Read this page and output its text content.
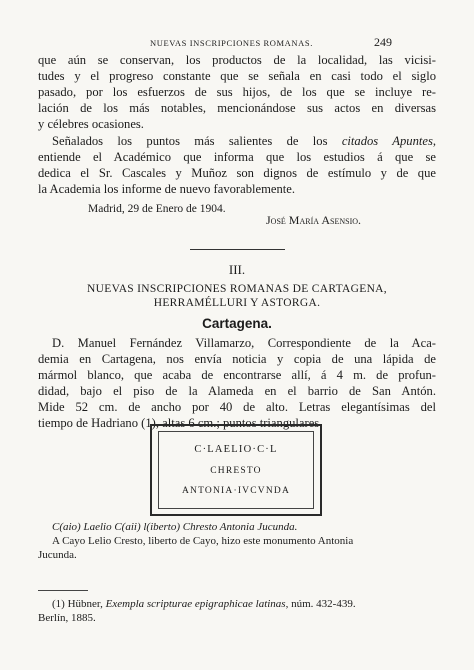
NUEVAS INSCRIPCIONES ROMANAS.	249
que aún se conservan, los productos de la localidad, las vicisi-
tudes y el progreso constante que se señala en casi todo el siglo
pasado, por los esfuerzos de sus hijos, de los que se incluye re-
lación de los más notables, mencionándose sus actos en diversas
y célebres ocasiones.
Señalados los puntos más salientes de los citados Apuntes,
entiende el Académico que informa que los estudios á que se
dedica el Sr. Cascales y Muñoz son dignos de estímulo y de que
la Academia los informe de nuevo favorablemente.
Madrid, 29 de Enero de 1904.
José María Asensio.
III.
NUEVAS INSCRIPCIONES ROMANAS DE CARTAGENA,
HERRAMÉLLURI Y ASTORGA.
Cartagena.
D. Manuel Fernández Villamarzo, Correspondiente de la Aca-
demia en Cartagena, nos envía noticia y copia de una lápida de
mármol blanco, que acaba de encontrarse allí, á 4 m. de profun-
didad, bajo el piso de la Alameda en el barrio de San Antón.
Mide 52 cm. de ancho por 40 de alto. Letras elegantísimas del
tiempo de Hadriano (1), altas 6 cm.; puntos triangulares.
C·LAELIO·C·L
CHRESTO
ANTONIA·IVCVNDA
C(aio) Laelio C(aii) l(iberto) Chresto Antonia Jucunda.
A Cayo Lelio Cresto, liberto de Cayo, hizo este monumento Antonia
Jucunda.
(1) Hübner, Exempla scripturae epigraphicae latinas, núm. 432-439.
Berlín, 1885.
